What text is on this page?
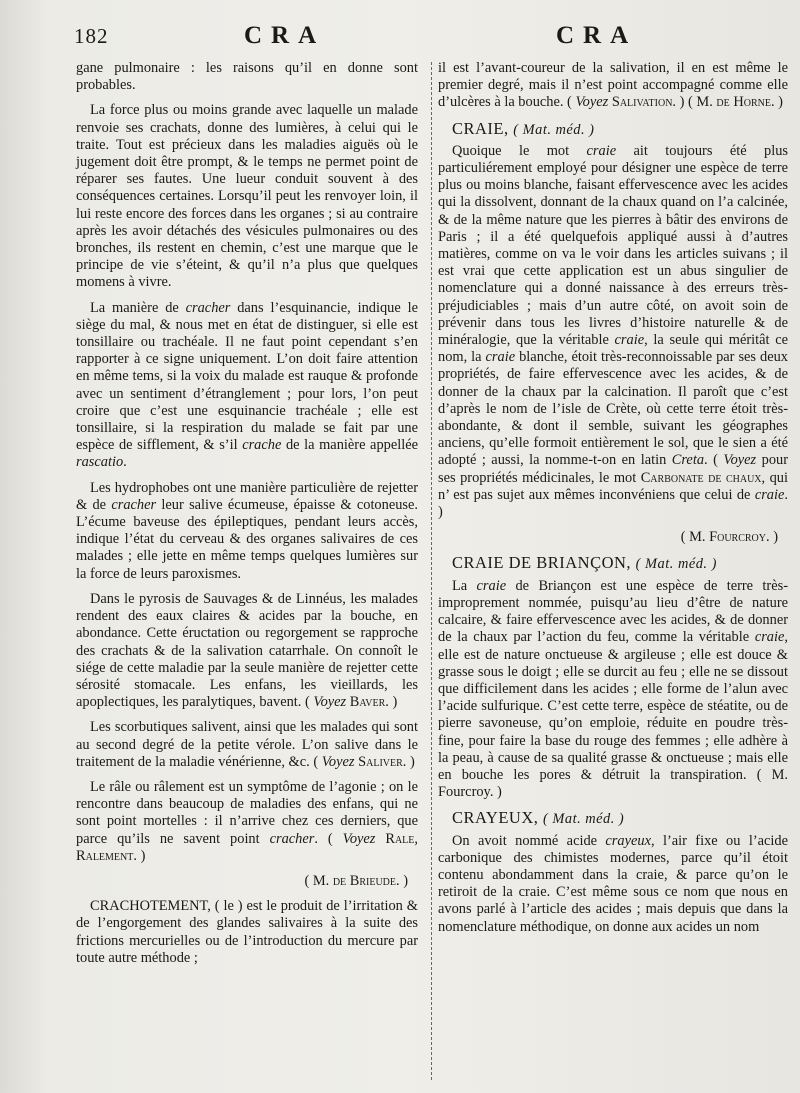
182	CRA	CRA

gane pulmonaire : les raisons qu’il en donne sont probables.

La force plus ou moins grande avec laquelle un malade renvoie ses crachats, donne des lumières, à celui qui le traite. Tout est précieux dans les maladies aiguës où le jugement doit être prompt, & le temps ne permet point de réparer ses fautes. Une lueur conduit souvent à des conséquences certaines. Lorsqu’il peut les renvoyer loin, il lui reste encore des forces dans les organes ; si au contraire après les avoir détachés des vésicules pulmonaires ou des bronches, ils restent en chemin, c’est une marque que le principe de vie s’éteint, & qu’il n’a plus que quelques momens à vivre.

La manière de cracher dans l’esquinancie, indique le siège du mal, & nous met en état de distinguer, si elle est tonsillaire ou trachéale. Il ne faut point cependant s’en rapporter à ce signe uniquement. L’on doit faire attention en même tems, si la voix du malade est rauque & profonde avec un sentiment d’étranglement ; pour lors, l’on peut croire que c’est une esquinancie trachéale ; elle est tonsillaire, si la respiration du malade se fait par une espèce de sifflement, & s’il crache de la manière appellée rascatio.

Les hydrophobes ont une manière particulière de rejetter & de cracher leur salive écumeuse, épaisse & cotoneuse. L’écume baveuse des épileptiques, pendant leurs accès, indique l’état du cerveau & des organes salivaires de ces malades ; elle jette en même temps quelques lumières sur la force de leurs paroxismes.

Dans le pyrosis de Sauvages & de Linnéus, les malades rendent des eaux claires & acides par la bouche, en abondance. Cette éructation ou regorgement se rapproche des crachats & de la salivation catarrhale. On connoît le siége de cette maladie par la seule manière de rejetter cette sérosité stomacale. Les enfans, les vieillards, les apoplectiques, les paralytiques, bavent. ( Voyez Baver. )

Les scorbutiques salivent, ainsi que les malades qui sont au second degré de la petite vérole. L’on salive dans le traitement de la maladie vénérienne, &c. ( Voyez Saliver. )

Le râle ou râlement est un symptôme de l’agonie ; on le rencontre dans beaucoup de maladies des enfans, qui ne sont point mortelles : il n’arrive chez ces derniers, que parce qu’ils ne savent point cracher. ( Voyez Rale, Ralement. )

( M. de Brieude. )

CRACHOTEMENT, ( le ) est le produit de l’irritation & de l’engorgement des glandes salivaires à la suite des frictions mercurielles ou de l’introduction du mercure par toute autre méthode ;

il est l’avant-coureur de la salivation, il en est même le premier degré, mais il n’est point accompagné comme elle d’ulcères à la bouche. ( Voyez Salivation. ) ( M. de Horne. )

CRAIE, ( Mat. méd. )

Quoique le mot craie ait toujours été plus particuliérement employé pour désigner une espèce de terre plus ou moins blanche, faisant effervescence avec les acides qui la dissolvent, donnant de la chaux quand on l’a calcinée, & de la même nature que les pierres à bâtir des environs de Paris ; il a été quelquefois appliqué aussi à d’autres matières, comme on va le voir dans les articles suivans ; il est vrai que cette application est un abus singulier de nomenclature qui a donné naissance à des erreurs très-préjudiciables ; mais d’un autre côté, on avoit soin de prévenir dans tous les livres d’histoire naturelle & de minéralogie, que la véritable craie, la seule qui méritât ce nom, la craie blanche, étoit très-reconnoissable par ses deux propriétés, de faire effervescence avec les acides, & de donner de la chaux par la calcination. Il paroît que c’est d’après le nom de l’isle de Crète, où cette terre étoit très-abondante, & dont il semble, suivant les géographes anciens, qu’elle formoit entièrement le sol, que le sien a été adopté ; aussi, la nomme-t-on en latin Creta. ( Voyez pour ses propriétés médicinales, le mot Carbonate de chaux, qui n’ est pas sujet aux mêmes inconvéniens que celui de craie. )

( M. Fourcroy. )

CRAIE DE BRIANÇON, ( Mat. méd. )

La craie de Briançon est une espèce de terre très-improprement nommée, puisqu’au lieu d’être de nature calcaire, & faire effervescence avec les acides, & de donner de la chaux par l’action du feu, comme la véritable craie, elle est de nature onctueuse & argileuse ; elle est douce & grasse sous le doigt ; elle se durcit au feu ; elle ne se dissout que difficilement dans les acides ; elle forme de l’alun avec l’acide sulfurique. C’est cette terre, espèce de stéatite, ou de pierre savoneuse, qu’on emploie, réduite en poudre très-fine, pour faire la base du rouge des femmes ; elle adhère à la peau, à cause de sa qualité grasse & onctueuse ; mais elle en bouche les pores & détruit la transpiration. ( M. Fourcroy. )

CRAYEUX, ( Mat. méd. )

On avoit nommé acide crayeux, l’air fixe ou l’acide carbonique des chimistes modernes, parce qu’il étoit contenu abondamment dans la craie, & parce qu’on le retiroit de la craie. C’est même sous ce nom que nous en avons parlé à l’article des acides ; mais depuis que dans la nomenclature méthodique, on donne aux acides un nom
